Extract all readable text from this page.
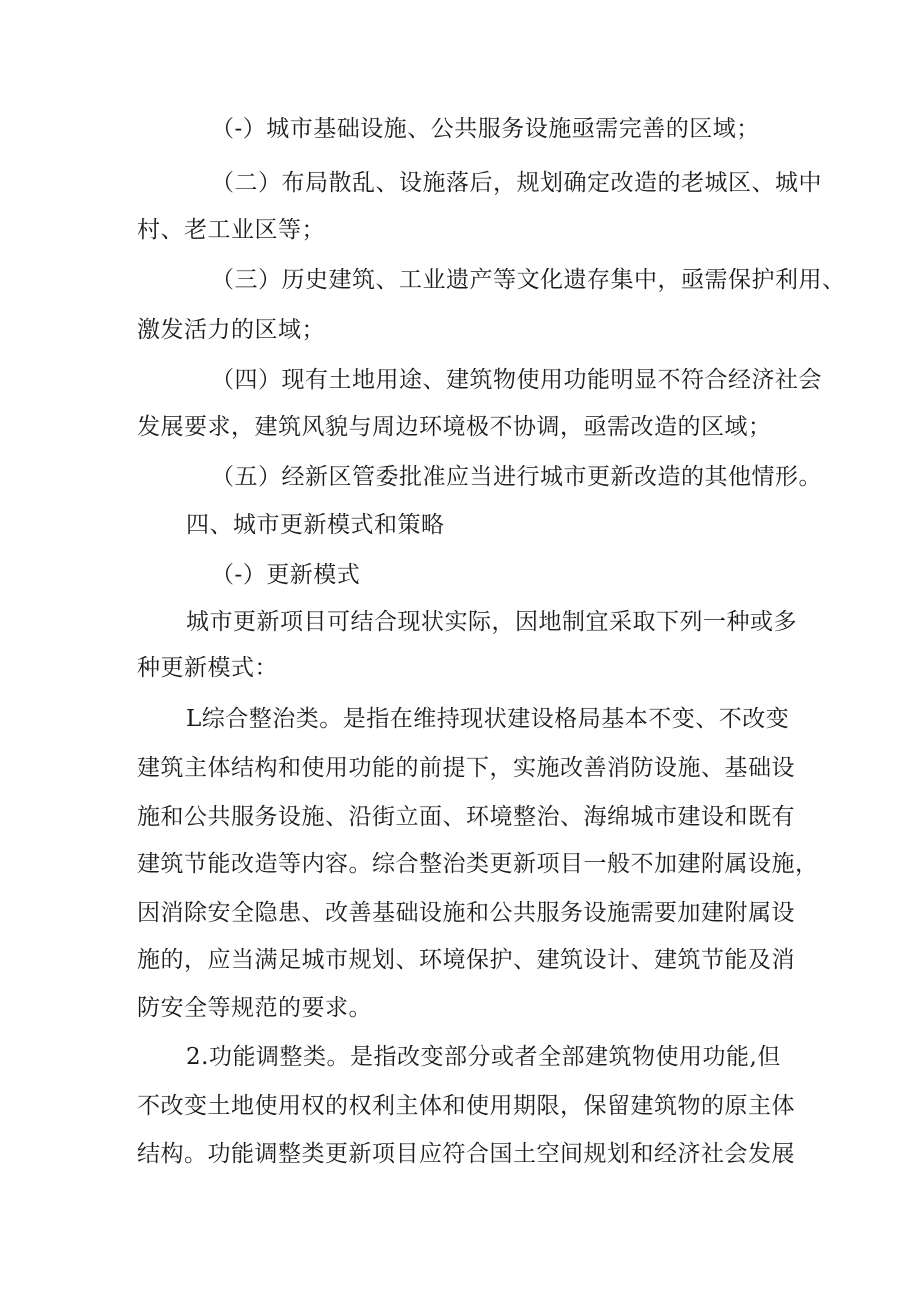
（-）城市基础设施、公共服务设施亟需完善的区域；
（二）布局散乱、设施落后，规划确定改造的老城区、城中
村、老工业区等；
（三）历史建筑、工业遗产等文化遗存集中，亟需保护利用、
激发活力的区域；
（四）现有土地用途、建筑物使用功能明显不符合经济社会
发展要求，建筑风貌与周边环境极不协调，亟需改造的区域；
（五）经新区管委批准应当进行城市更新改造的其他情形。
四、城市更新模式和策略
（-）更新模式
城市更新项目可结合现状实际，因地制宜采取下列一种或多
种更新模式：
L综合整治类。是指在维持现状建设格局基本不变、不改变
建筑主体结构和使用功能的前提下，实施改善消防设施、基础设
施和公共服务设施、沿街立面、环境整治、海绵城市建设和既有
建筑节能改造等内容。综合整治类更新项目一般不加建附属设施，
因消除安全隐患、改善基础设施和公共服务设施需要加建附属设
施的，应当满足城市规划、环境保护、建筑设计、建筑节能及消
防安全等规范的要求。
2.功能调整类。是指改变部分或者全部建筑物使用功能,但
不改变土地使用权的权利主体和使用期限，保留建筑物的原主体
结构。功能调整类更新项目应符合国土空间规划和经济社会发展
